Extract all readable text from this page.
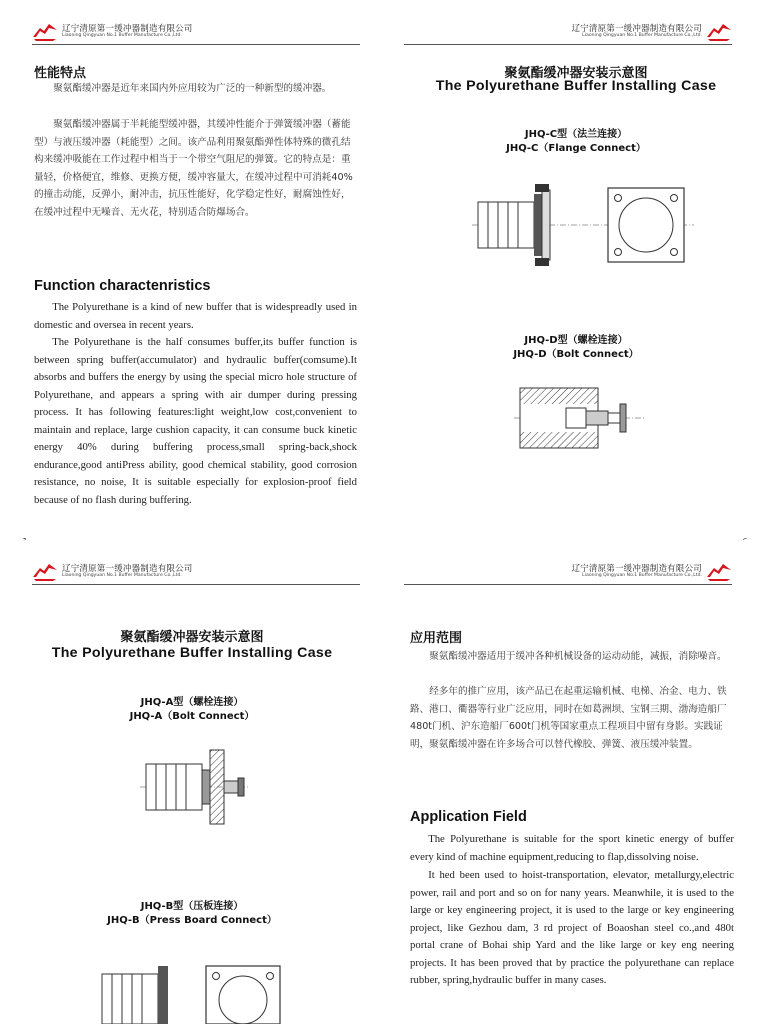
辽宁清原第一缓冲器制造有限公司
Liaoning Qingyuan No.1 Buffer Manufacture Co.,Ltd.
性能特点

聚氨酯缓冲器是近年来国内外应用较为广泛的一种新型的缓冲器。

聚氨酯缓冲器属于半耗能型缓冲器，其缓冲性能介于弹簧缓冲器（蓄能型）与液压缓冲器（耗能型）之间。该产品利用聚氨酯弹性体特殊的微孔结构来缓冲吸能在工作过程中相当于一个带空气阻尼的弹簧。它的特点是：重量轻，价格便宜，维修、更换方便，缓冲容量大，在缓冲过程中可消耗40%的撞击动能，反弹小，耐冲击，抗压性能好，化学稳定性好，耐腐蚀性好，在缓冲过程中无噪音、无火花，特别适合防爆场合。

Function charactenristics

The Polyurethane is a kind of new buffer that is widespreadly used in domestic and oversea in recent years.

The Polyurethane is the half consumes buffer,its buffer function is between spring buffer(accumulator) and hydraulic buffer(comsume).It absorbs and buffers the energy by using the special micro hole structure of Polyurethane, and appears a spring with air dumper during pressing process. It has following features:light weight,low cost,convenient to maintain and replace, large cushion capacity, it can consume buck kinetic energy 40% during buffering process,small spring-back,shock endurance,good antiPress ability, good chemical stability, good corrosion resistance, no noise, It is suitable especially for explosion-proof field because of no flash during buffering.

辽宁清原第一缓冲器制造有限公司
Liaoning Qingyuan No.1 Buffer Manufacture Co.,Ltd.
聚氨酯缓冲器安装示意图
The Polyurethane Buffer Installing Case
JHQ-C型（法兰连接）
JHQ-C（Flange Connect）
JHQ-D型（螺栓连接）
JHQ-D（Bolt Connect）
辽宁清原第一缓冲器制造有限公司
Liaoning Qingyuan No.1 Buffer Manufacture Co.,Ltd.
聚氨酯缓冲器安装示意图
The Polyurethane Buffer Installing Case
JHQ-A型（螺栓连接）
JHQ-A（Bolt Connect）
JHQ-B型（压板连接）
JHQ-B（Press Board Connect）
辽宁清原第一缓冲器制造有限公司
Liaoning Qingyuan No.1 Buffer Manufacture Co.,Ltd.
应用范围

聚氨酯缓冲器适用于缓冲各种机械设备的运动动能，减振，消除噪音。

经多年的推广应用，该产品已在起重运输机械、电梯、冶金、电力、铁路、港口、衢器等行业广泛应用，同时在如葛洲坝、宝钢三期、渤海造船厂480t门机、沪东造船厂600t门机等国家重点工程项目中留有身影。实践证明，聚氨酯缓冲器在许多场合可以替代橡胶、弹簧、液压缓冲装置。

Application Field

The Polyurethane is suitable for the sport kinetic energy of buffer every kind of machine equipment,reducing to flap,dissolving noise.

It hed been used to hoist-transportation, elevator, metallurgy,electric power, rail and port and so on for nany years. Meanwhile, it is used to the large or key engineering project, it is used to the large or key engineering project, like Gezhou dam, 3 rd project of Boaoshan steel co.,and 480t portal crane of Bohai ship Yard and the like large or key eng neering projects. It has been proved that by practice the polyurethane can replace rubber, spring,hydraulic buffer in many cases.
